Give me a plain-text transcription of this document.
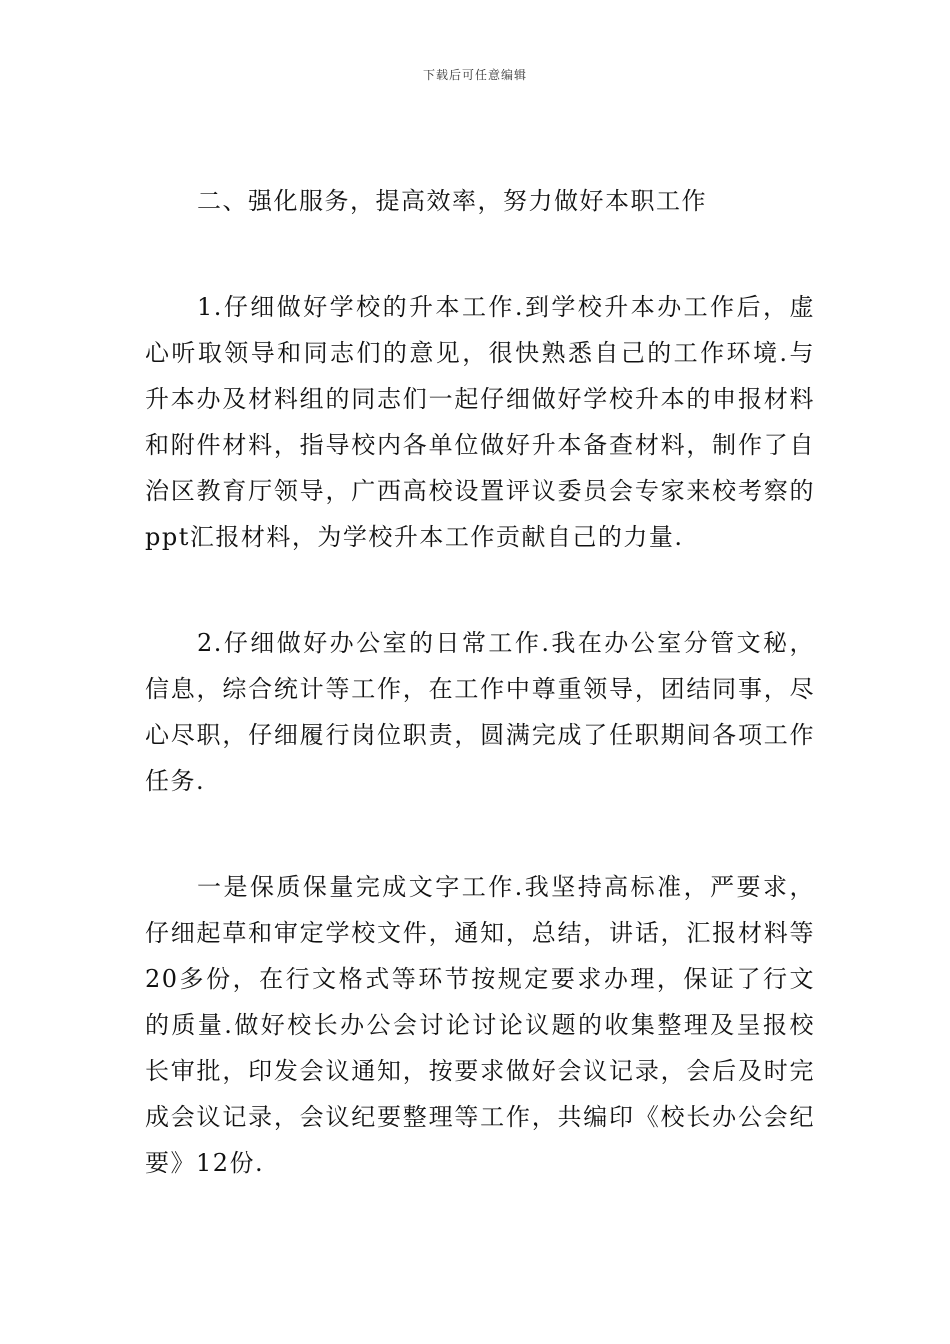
下载后可任意编辑

二、强化服务，提高效率，努力做好本职工作

1.仔细做好学校的升本工作.到学校升本办工作后，虚心听取领导和同志们的意见，很快熟悉自己的工作环境.与升本办及材料组的同志们一起仔细做好学校升本的申报材料和附件材料，指导校内各单位做好升本备查材料，制作了自治区教育厅领导，广西高校设置评议委员会专家来校考察的ppt汇报材料，为学校升本工作贡献自己的力量.

2.仔细做好办公室的日常工作.我在办公室分管文秘，信息，综合统计等工作，在工作中尊重领导，团结同事，尽心尽职，仔细履行岗位职责，圆满完成了任职期间各项工作任务.

一是保质保量完成文字工作.我坚持高标准，严要求，仔细起草和审定学校文件，通知，总结，讲话，汇报材料等20多份，在行文格式等环节按规定要求办理，保证了行文的质量.做好校长办公会讨论讨论议题的收集整理及呈报校长审批，印发会议通知，按要求做好会议记录，会后及时完成会议记录，会议纪要整理等工作，共编印《校长办公会纪要》12份.
